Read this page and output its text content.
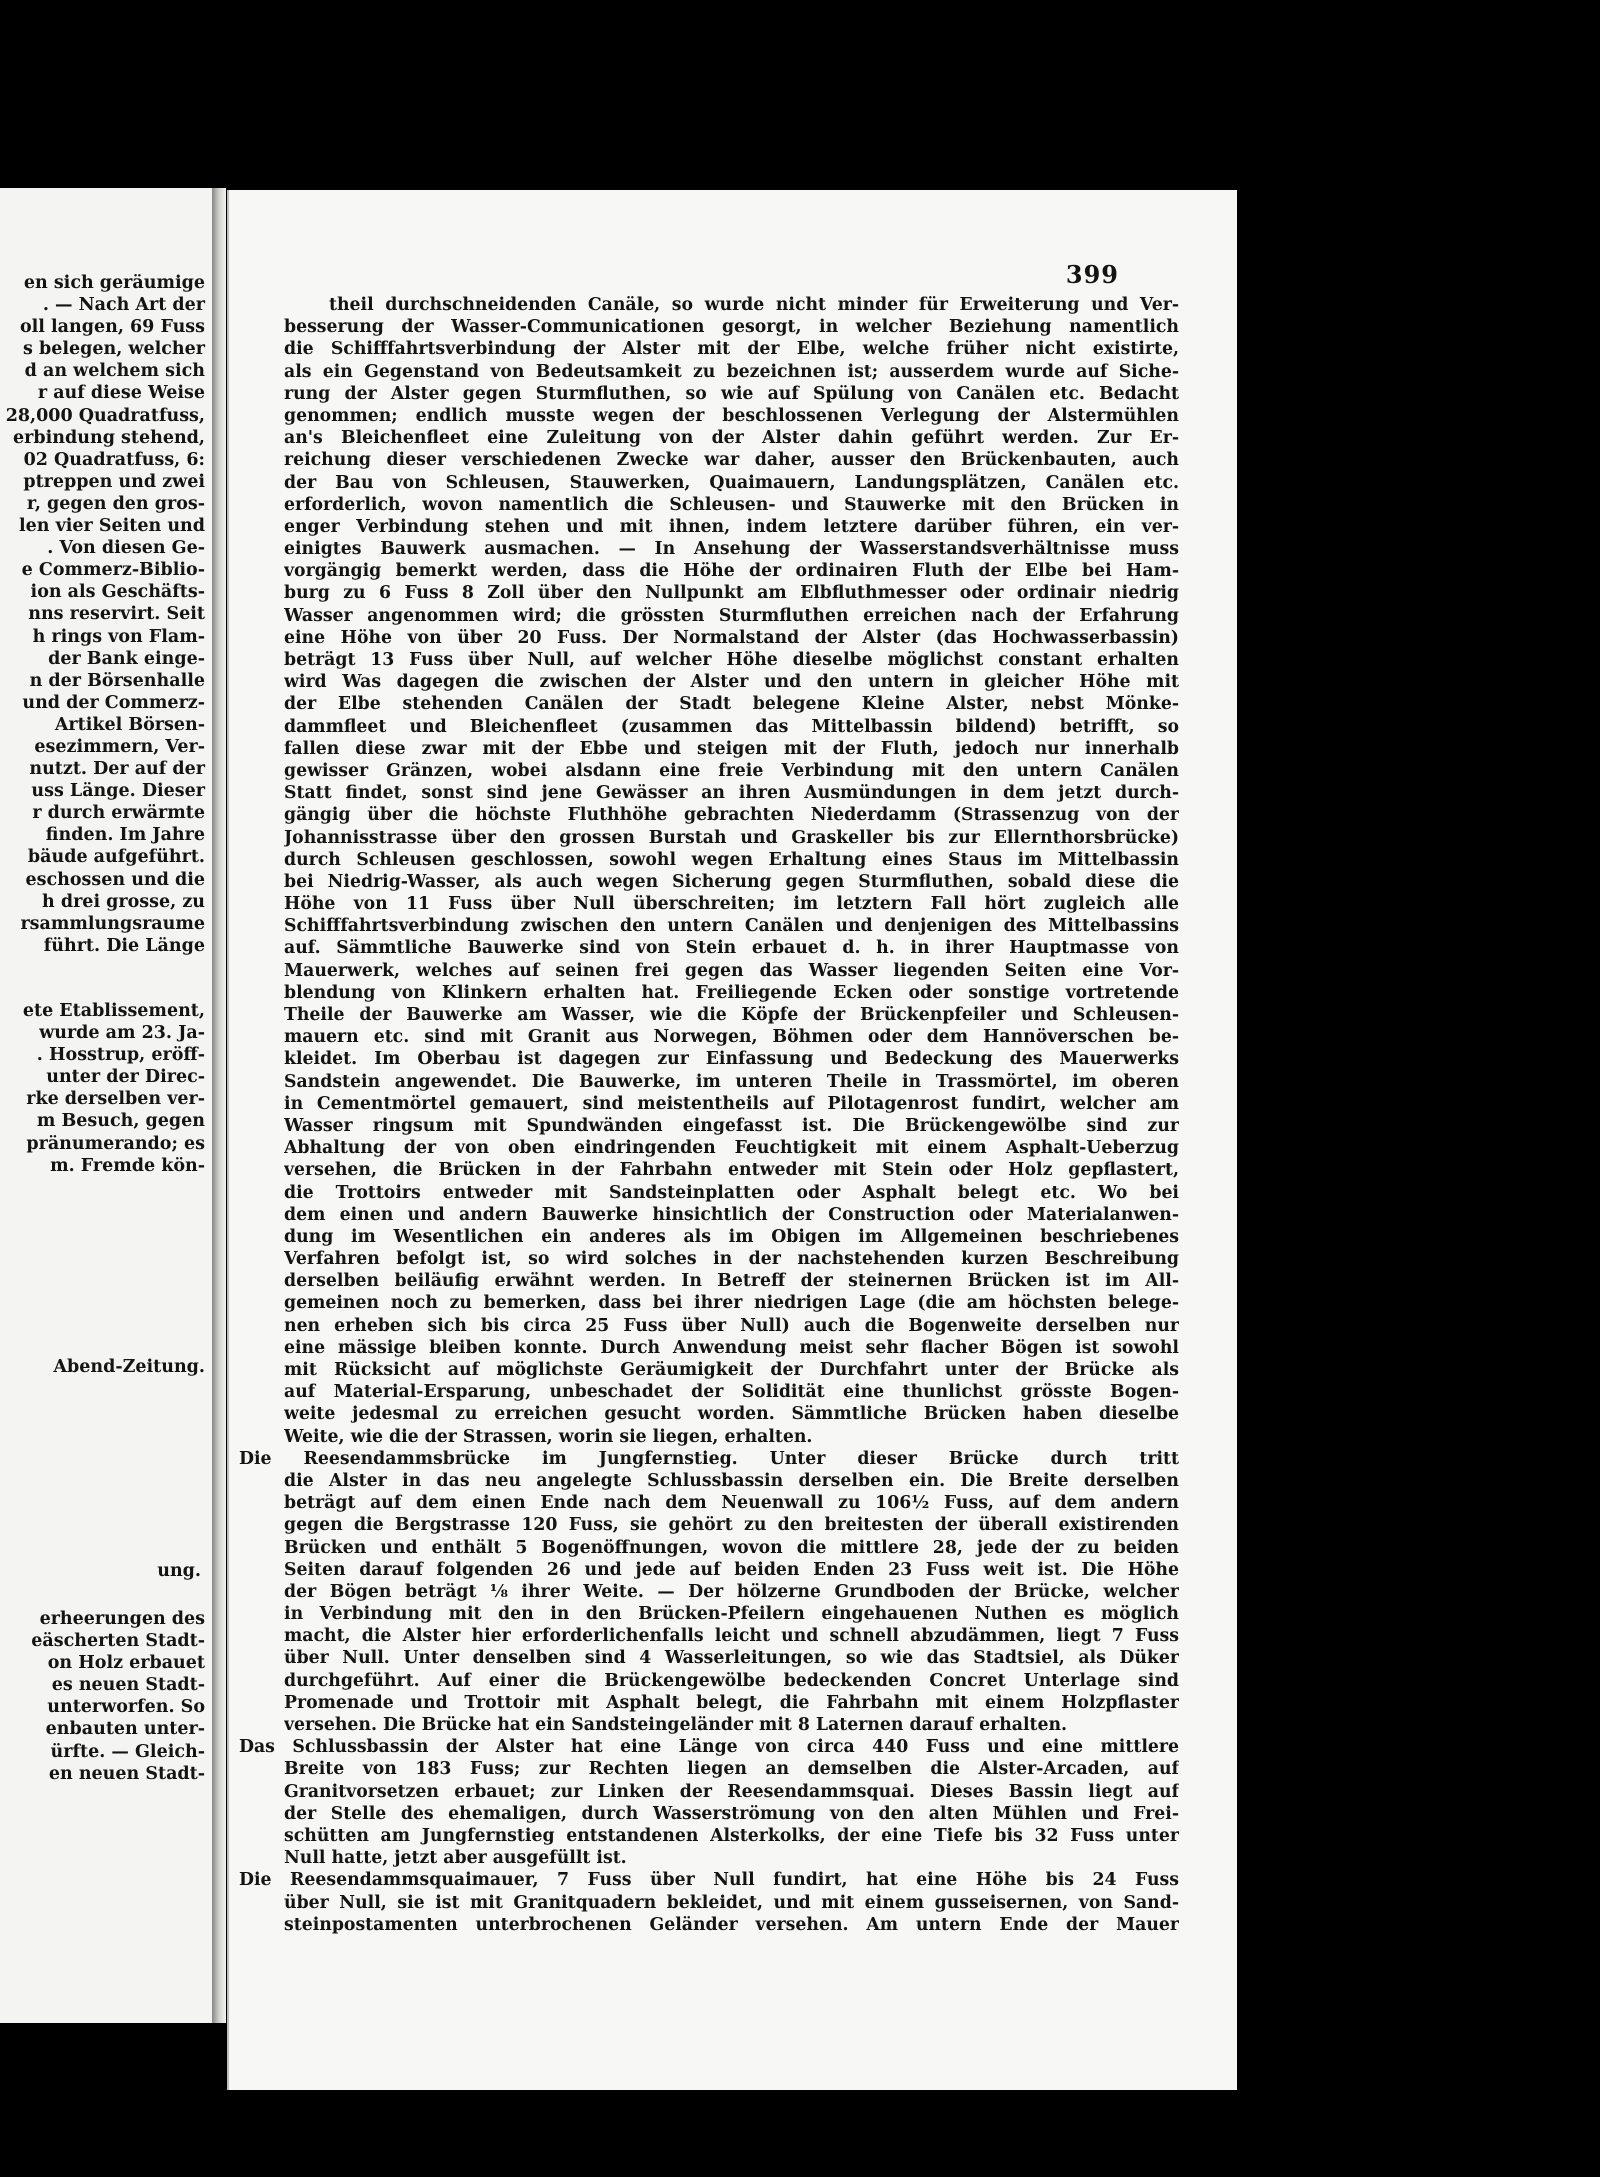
en sich geräumige
. — Nach Art der
oll langen, 69 Fuss
s belegen, welcher
d an welchem sich
r auf diese Weise
28,000 Quadratfuss,
erbindung stehend,
02 Quadratfuss, 6:
ptreppen und zwei
r, gegen den gros-
len vier Seiten und
. Von diesen Ge-
e Commerz-Biblio-
ion als Geschäfts-
nns reservirt. Seit
h rings von Flam-
der Bank einge-
n der Börsenhalle
und der Commerz-
Artikel Börsen-
esezimmern, Ver-
nutzt. Der auf der
uss Länge. Dieser
r durch erwärmte
finden. Im Jahre
bäude aufgeführt.
eschossen und die
h drei grosse, zu
rsammlungsraume
führt. Die Länge
ete Etablissement,
wurde am 23. Ja-
. Hosstrup, eröff-
unter der Direc-
rke derselben ver-
m Besuch, gegen
pränumerando; es
m. Fremde kön-
Abend-Zeitung.
ung.
erheerungen des
eäscherten Stadt-
on Holz erbauet
es neuen Stadt-
unterworfen. So
enbauten unter-
ürfte. — Gleich-
en neuen Stadt-
399
theil durchschneidenden Canäle, so wurde nicht minder für Erweiterung und Ver-
besserung der Wasser-Communicationen gesorgt, in welcher Beziehung namentlich
die Schifffahrtsverbindung der Alster mit der Elbe, welche früher nicht existirte,
als ein Gegenstand von Bedeutsamkeit zu bezeichnen ist; ausserdem wurde auf Siche-
rung der Alster gegen Sturmfluthen, so wie auf Spülung von Canälen etc. Bedacht
genommen; endlich musste wegen der beschlossenen Verlegung der Alstermühlen
an's Bleichenfleet eine Zuleitung von der Alster dahin geführt werden. Zur Er-
reichung dieser verschiedenen Zwecke war daher, ausser den Brückenbauten, auch
der Bau von Schleusen, Stauwerken, Quaimauern, Landungsplätzen, Canälen etc.
erforderlich, wovon namentlich die Schleusen- und Stauwerke mit den Brücken in
enger Verbindung stehen und mit ihnen, indem letztere darüber führen, ein ver-
einigtes Bauwerk ausmachen. — In Ansehung der Wasserstandsverhältnisse muss
vorgängig bemerkt werden, dass die Höhe der ordinairen Fluth der Elbe bei Ham-
burg zu 6 Fuss 8 Zoll über den Nullpunkt am Elbfluthmesser oder ordinair niedrig
Wasser angenommen wird; die grössten Sturmfluthen erreichen nach der Erfahrung
eine Höhe von über 20 Fuss. Der Normalstand der Alster (das Hochwasserbassin)
beträgt 13 Fuss über Null, auf welcher Höhe dieselbe möglichst constant erhalten
wird Was dagegen die zwischen der Alster und den untern in gleicher Höhe mit
der Elbe stehenden Canälen der Stadt belegene Kleine Alster, nebst Mönke-
dammfleet und Bleichenfleet (zusammen das Mittelbassin bildend) betrifft, so
fallen diese zwar mit der Ebbe und steigen mit der Fluth, jedoch nur innerhalb
gewisser Gränzen, wobei alsdann eine freie Verbindung mit den untern Canälen
Statt findet, sonst sind jene Gewässer an ihren Ausmündungen in dem jetzt durch-
gängig über die höchste Fluthhöhe gebrachten Niederdamm (Strassenzug von der
Johannisstrasse über den grossen Burstah und Graskeller bis zur Ellernthorsbrücke)
durch Schleusen geschlossen, sowohl wegen Erhaltung eines Staus im Mittelbassin
bei Niedrig-Wasser, als auch wegen Sicherung gegen Sturmfluthen, sobald diese die
Höhe von 11 Fuss über Null überschreiten; im letztern Fall hört zugleich alle
Schifffahrtsverbindung zwischen den untern Canälen und denjenigen des Mittelbassins
auf. Sämmtliche Bauwerke sind von Stein erbauet d. h. in ihrer Hauptmasse von
Mauerwerk, welches auf seinen frei gegen das Wasser liegenden Seiten eine Vor-
blendung von Klinkern erhalten hat. Freiliegende Ecken oder sonstige vortretende
Theile der Bauwerke am Wasser, wie die Köpfe der Brückenpfeiler und Schleusen-
mauern etc. sind mit Granit aus Norwegen, Böhmen oder dem Hannöverschen be-
kleidet. Im Oberbau ist dagegen zur Einfassung und Bedeckung des Mauerwerks
Sandstein angewendet. Die Bauwerke, im unteren Theile in Trassmörtel, im oberen
in Cementmörtel gemauert, sind meistentheils auf Pilotagenrost fundirt, welcher am
Wasser ringsum mit Spundwänden eingefasst ist. Die Brückengewölbe sind zur
Abhaltung der von oben eindringenden Feuchtigkeit mit einem Asphalt-Ueberzug
versehen, die Brücken in der Fahrbahn entweder mit Stein oder Holz gepflastert,
die Trottoirs entweder mit Sandsteinplatten oder Asphalt belegt etc. Wo bei
dem einen und andern Bauwerke hinsichtlich der Construction oder Materialanwen-
dung im Wesentlichen ein anderes als im Obigen im Allgemeinen beschriebenes
Verfahren befolgt ist, so wird solches in der nachstehenden kurzen Beschreibung
derselben beiläufig erwähnt werden. In Betreff der steinernen Brücken ist im All-
gemeinen noch zu bemerken, dass bei ihrer niedrigen Lage (die am höchsten belege-
nen erheben sich bis circa 25 Fuss über Null) auch die Bogenweite derselben nur
eine mässige bleiben konnte. Durch Anwendung meist sehr flacher Bögen ist sowohl
mit Rücksicht auf möglichste Geräumigkeit der Durchfahrt unter der Brücke als
auf Material-Ersparung, unbeschadet der Solidität eine thunlichst grösste Bogen-
weite jedesmal zu erreichen gesucht worden. Sämmtliche Brücken haben dieselbe
Weite, wie die der Strassen, worin sie liegen, erhalten.
Die Reesendammsbrücke im Jungfernstieg. Unter dieser Brücke durch tritt
die Alster in das neu angelegte Schlussbassin derselben ein. Die Breite derselben
beträgt auf dem einen Ende nach dem Neuenwall zu 106½ Fuss, auf dem andern
gegen die Bergstrasse 120 Fuss, sie gehört zu den breitesten der überall existirenden
Brücken und enthält 5 Bogenöffnungen, wovon die mittlere 28, jede der zu beiden
Seiten darauf folgenden 26 und jede auf beiden Enden 23 Fuss weit ist. Die Höhe
der Bögen beträgt ⅛ ihrer Weite. — Der hölzerne Grundboden der Brücke, welcher
in Verbindung mit den in den Brücken-Pfeilern eingehauenen Nuthen es möglich
macht, die Alster hier erforderlichenfalls leicht und schnell abzudämmen, liegt 7 Fuss
über Null. Unter denselben sind 4 Wasserleitungen, so wie das Stadtsiel, als Düker
durchgeführt. Auf einer die Brückengewölbe bedeckenden Concret Unterlage sind
Promenade und Trottoir mit Asphalt belegt, die Fahrbahn mit einem Holzpflaster
versehen. Die Brücke hat ein Sandsteingeländer mit 8 Laternen darauf erhalten.
Das Schlussbassin der Alster hat eine Länge von circa 440 Fuss und eine mittlere
Breite von 183 Fuss; zur Rechten liegen an demselben die Alster-Arcaden, auf
Granitvorsetzen erbauet; zur Linken der Reesendammsquai. Dieses Bassin liegt auf
der Stelle des ehemaligen, durch Wasserströmung von den alten Mühlen und Frei-
schütten am Jungfernstieg entstandenen Alsterkolks, der eine Tiefe bis 32 Fuss unter
Null hatte, jetzt aber ausgefüllt ist.
Die Reesendammsquaimauer, 7 Fuss über Null fundirt, hat eine Höhe bis 24 Fuss
über Null, sie ist mit Granitquadern bekleidet, und mit einem gusseisernen, von Sand-
steinpostamenten unterbrochenen Geländer versehen. Am untern Ende der Mauer
